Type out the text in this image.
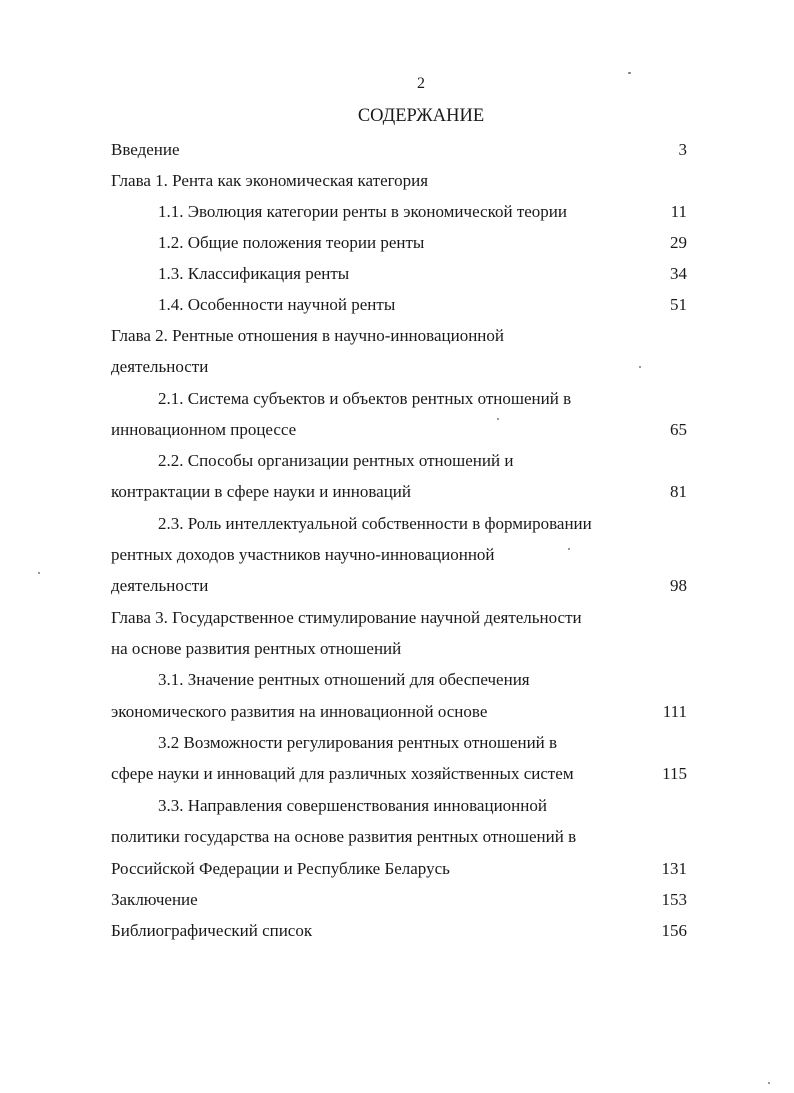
2
СОДЕРЖАНИЕ
Введение	3
Глава 1. Рента как экономическая категория
1.1. Эволюция категории ренты в экономической теории	11
1.2. Общие положения теории ренты	29
1.3. Классификация ренты	34
1.4. Особенности научной ренты	51
Глава 2. Рентные отношения в научно-инновационной
деятельности
2.1. Система субъектов и объектов рентных отношений в
инновационном процессе	65
2.2. Способы организации рентных отношений и
контрактации в сфере науки и инноваций	81
2.3. Роль интеллектуальной собственности в формировании
рентных доходов участников научно-инновационной
деятельности	98
Глава 3. Государственное стимулирование научной деятельности
на основе развития рентных отношений
3.1. Значение рентных отношений для обеспечения
экономического развития на инновационной основе	111
3.2 Возможности регулирования рентных отношений в
сфере науки и инноваций для различных хозяйственных систем	115
3.3. Направления совершенствования инновационной
политики государства на основе развития рентных отношений в
Российской Федерации и Республике Беларусь	131
Заключение	153
Библиографический список	156
